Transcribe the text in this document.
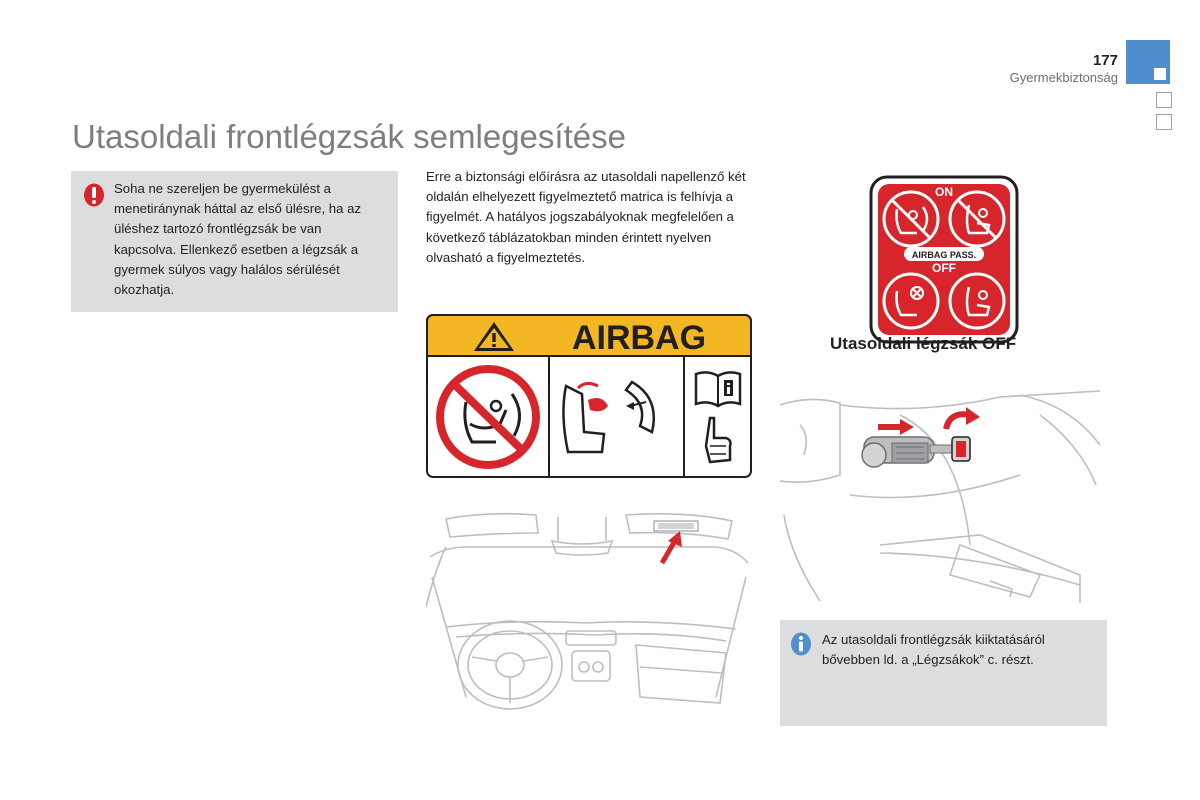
177
Gyermekbiztonság
Utasoldali frontlégzsák semlegesítése
Soha ne szereljen be gyermekülést a menetiránynak háttal az első ülésre, ha az üléshez tartozó frontlégzsák be van kapcsolva. Ellenkező esetben a légzsák a gyermek súlyos vagy halálos sérülését okozhatja.
Erre a biztonsági előírásra az utasoldali napellenző két oldalán elhelyezett figyelmeztető matrica is felhívja a figyelmét. A hatályos jogszabályoknak megfelelően a következő táblázatokban minden érintett nyelven olvasható a figyelmeztetés.
AIRBAG
ON
AIRBAG PASS.
OFF
Utasoldali légzsák OFF
Az utasoldali frontlégzsák kiiktatásáról bővebben ld. a „Légzsákok” c. részt.
